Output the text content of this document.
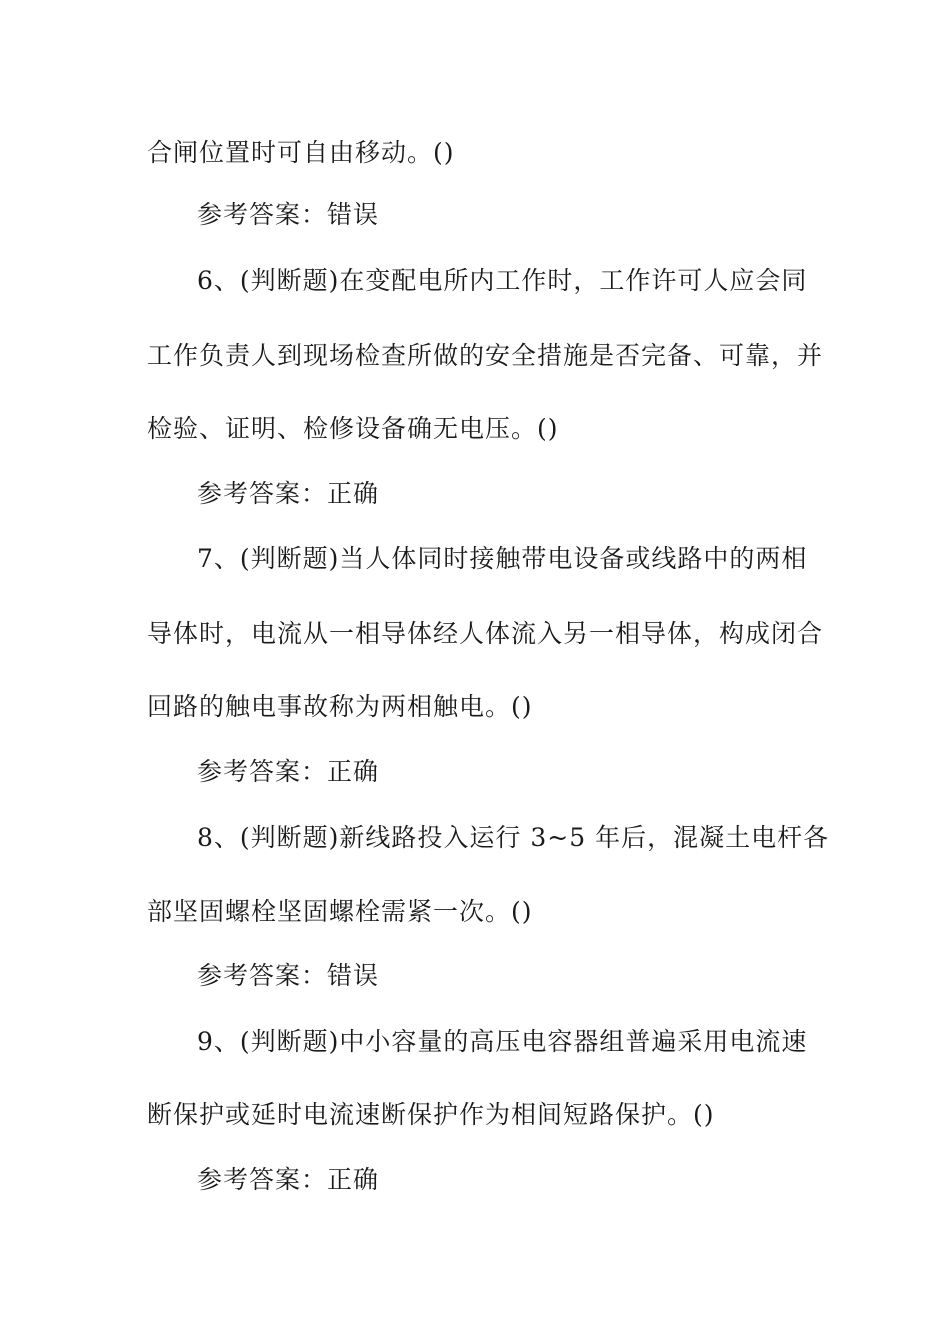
合闸位置时可自由移动。()
参考答案：错误
6、(判断题)在变配电所内工作时，工作许可人应会同
工作负责人到现场检查所做的安全措施是否完备、可靠，并
检验、证明、检修设备确无电压。()
参考答案：正确
7、(判断题)当人体同时接触带电设备或线路中的两相
导体时，电流从一相导体经人体流入另一相导体，构成闭合
回路的触电事故称为两相触电。()
参考答案：正确
8、(判断题)新线路投入运行 3~5 年后，混凝土电杆各
部坚固螺栓坚固螺栓需紧一次。()
参考答案：错误
9、(判断题)中小容量的高压电容器组普遍采用电流速
断保护或延时电流速断保护作为相间短路保护。()
参考答案：正确
